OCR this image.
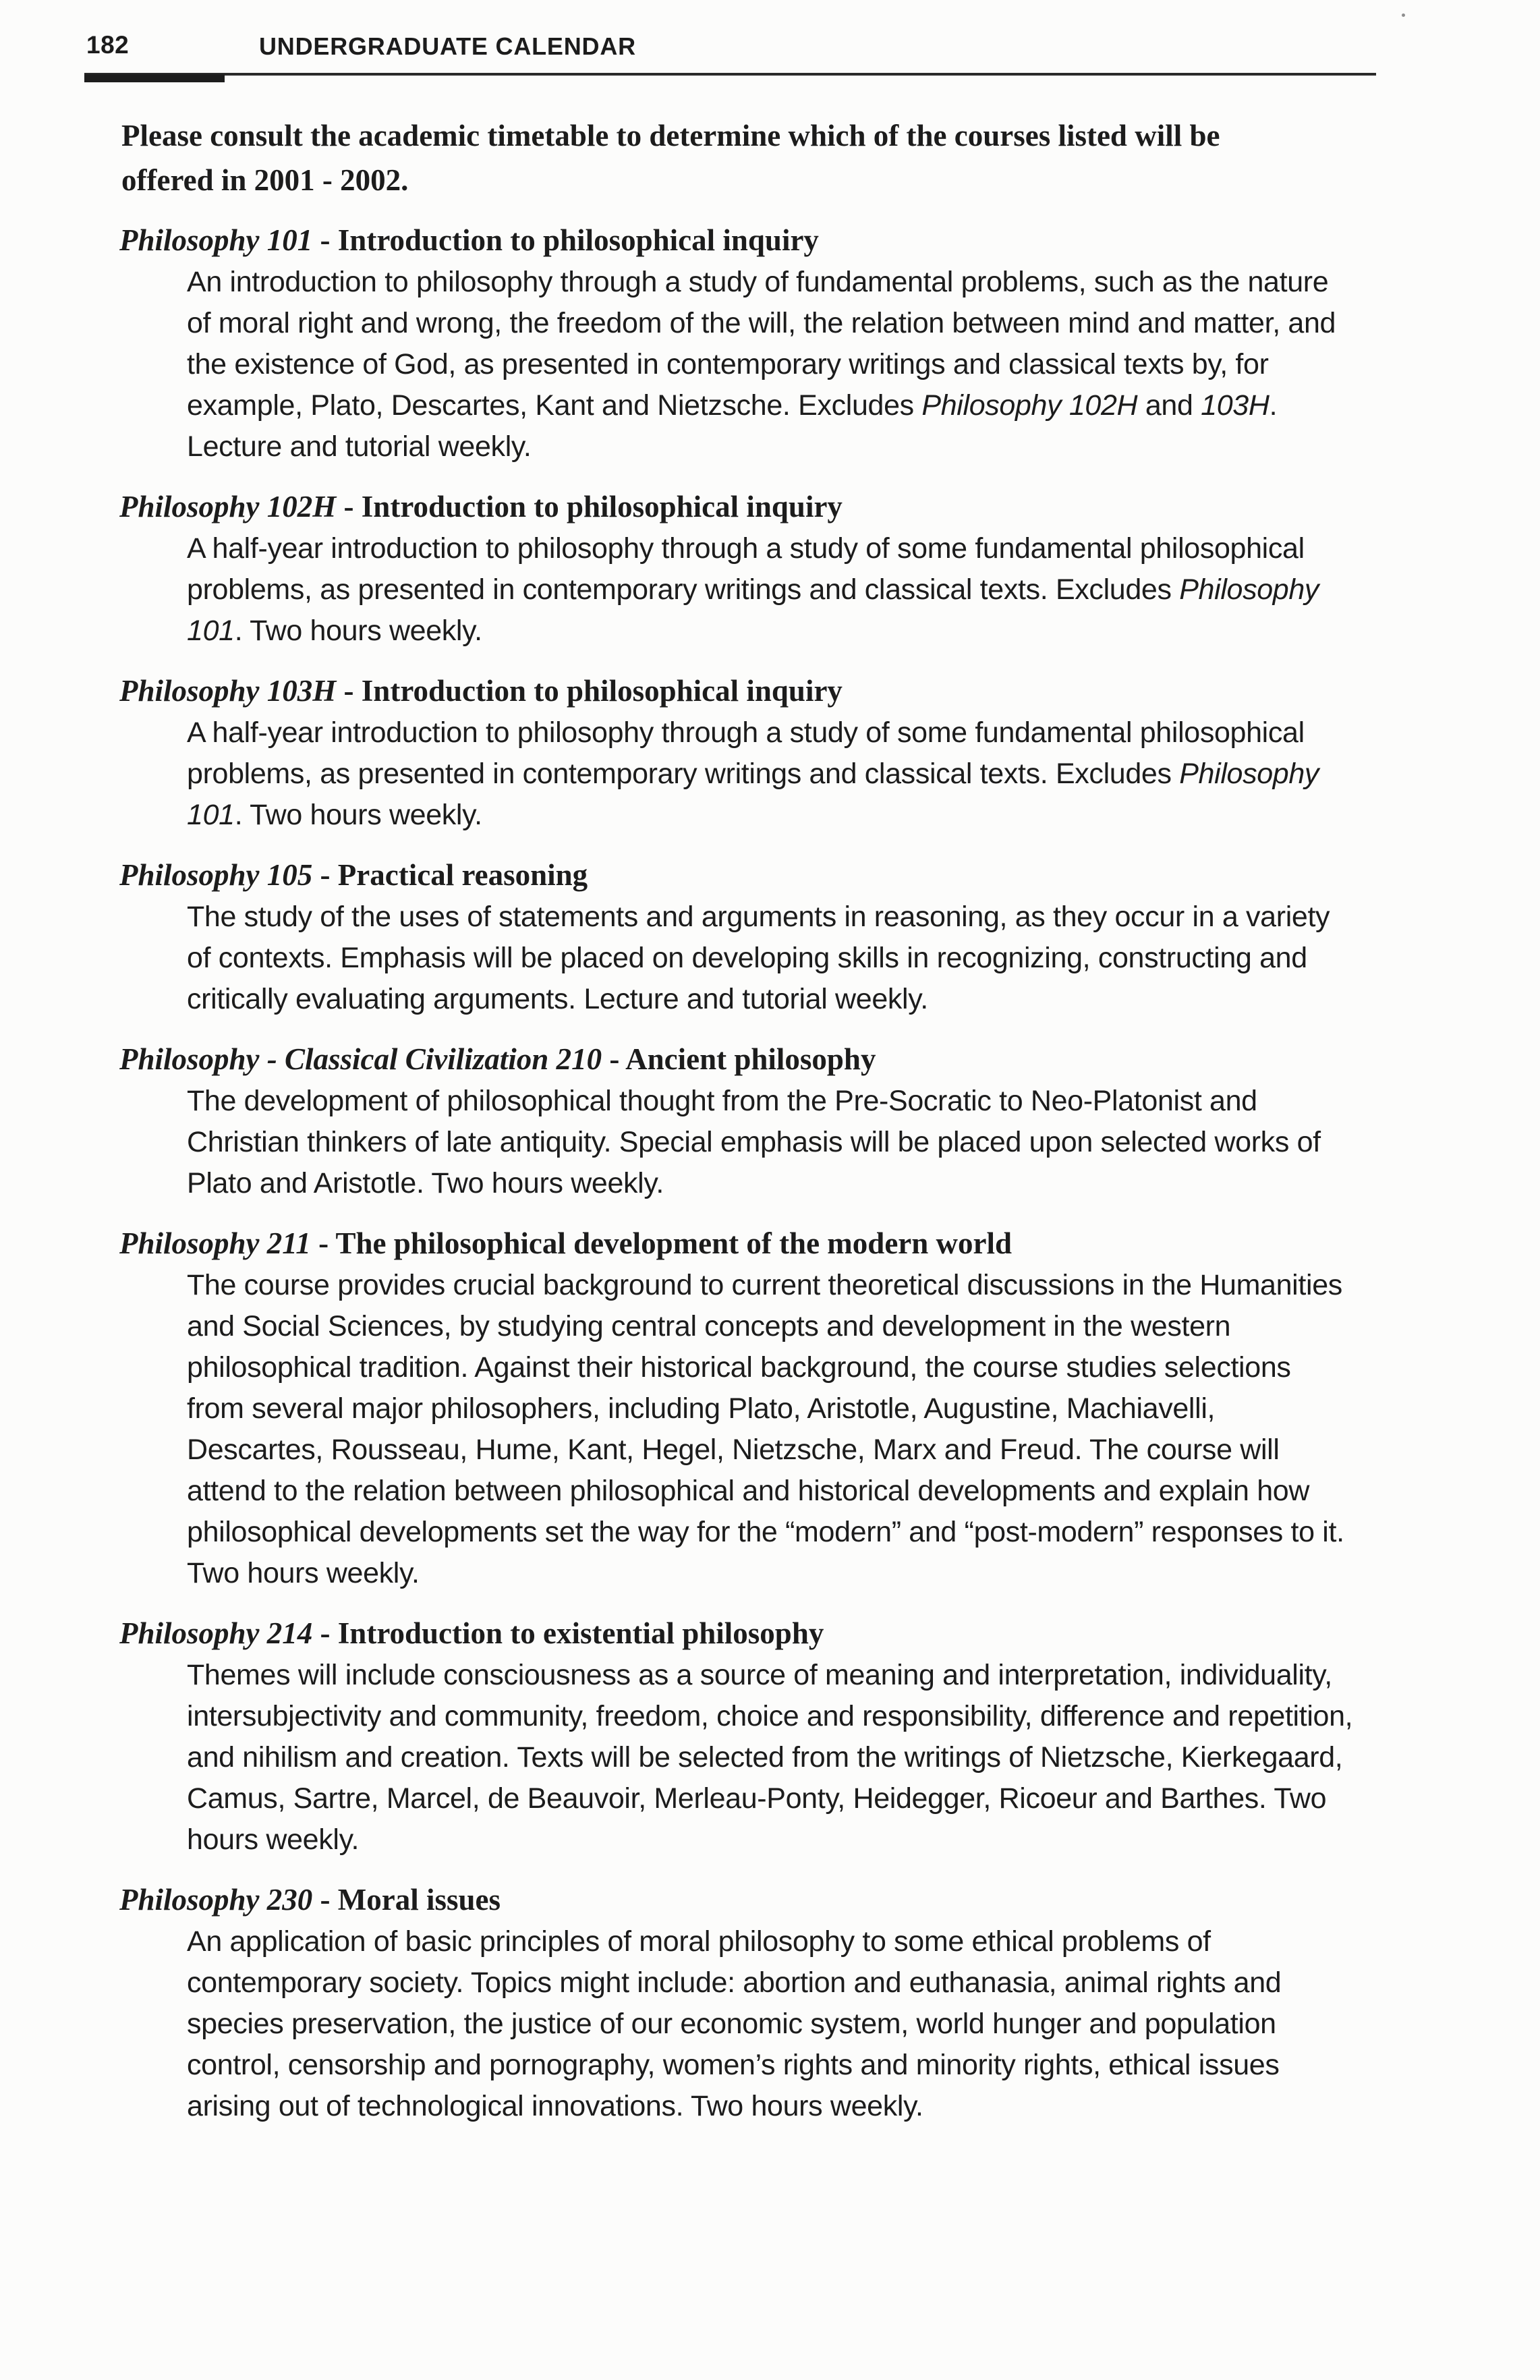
182	UNDERGRADUATE CALENDAR
Please consult the academic timetable to determine which of the courses listed will be offered in 2001 - 2002.
Philosophy 101 - Introduction to philosophical inquiry

An introduction to philosophy through a study of fundamental problems, such as the nature of moral right and wrong, the freedom of the will, the relation between mind and matter, and the existence of God, as presented in contemporary writings and classical texts by, for example, Plato, Descartes, Kant and Nietzsche. Excludes Philosophy 102H and 103H. Lecture and tutorial weekly.

Philosophy 102H - Introduction to philosophical inquiry

A half-year introduction to philosophy through a study of some fundamental philosophical problems, as presented in contemporary writings and classical texts. Excludes Philosophy 101. Two hours weekly.

Philosophy 103H - Introduction to philosophical inquiry

A half-year introduction to philosophy through a study of some fundamental philosophical problems, as presented in contemporary writings and classical texts. Excludes Philosophy 101. Two hours weekly.

Philosophy 105 - Practical reasoning

The study of the uses of statements and arguments in reasoning, as they occur in a variety of contexts. Emphasis will be placed on developing skills in recognizing, constructing and critically evaluating arguments. Lecture and tutorial weekly.

Philosophy - Classical Civilization 210 - Ancient philosophy

The development of philosophical thought from the Pre-Socratic to Neo-Platonist and Christian thinkers of late antiquity. Special emphasis will be placed upon selected works of Plato and Aristotle. Two hours weekly.

Philosophy 211 - The philosophical development of the modern world

The course provides crucial background to current theoretical discussions in the Humanities and Social Sciences, by studying central concepts and development in the western philosophical tradition. Against their historical background, the course studies selections from several major philosophers, including Plato, Aristotle, Augustine, Machiavelli, Descartes, Rousseau, Hume, Kant, Hegel, Nietzsche, Marx and Freud. The course will attend to the relation between philosophical and historical developments and explain how philosophical developments set the way for the “modern” and “post-modern” responses to it. Two hours weekly.

Philosophy 214 - Introduction to existential philosophy

Themes will include consciousness as a source of meaning and interpretation, individuality, intersubjectivity and community, freedom, choice and responsibility, difference and repetition, and nihilism and creation. Texts will be selected from the writings of Nietzsche, Kierkegaard, Camus, Sartre, Marcel, de Beauvoir, Merleau-Ponty, Heidegger, Ricoeur and Barthes. Two hours weekly.

Philosophy 230 - Moral issues

An application of basic principles of moral philosophy to some ethical problems of contemporary society. Topics might include: abortion and euthanasia, animal rights and species preservation, the justice of our economic system, world hunger and population control, censorship and pornography, women’s rights and minority rights, ethical issues arising out of technological innovations. Two hours weekly.
